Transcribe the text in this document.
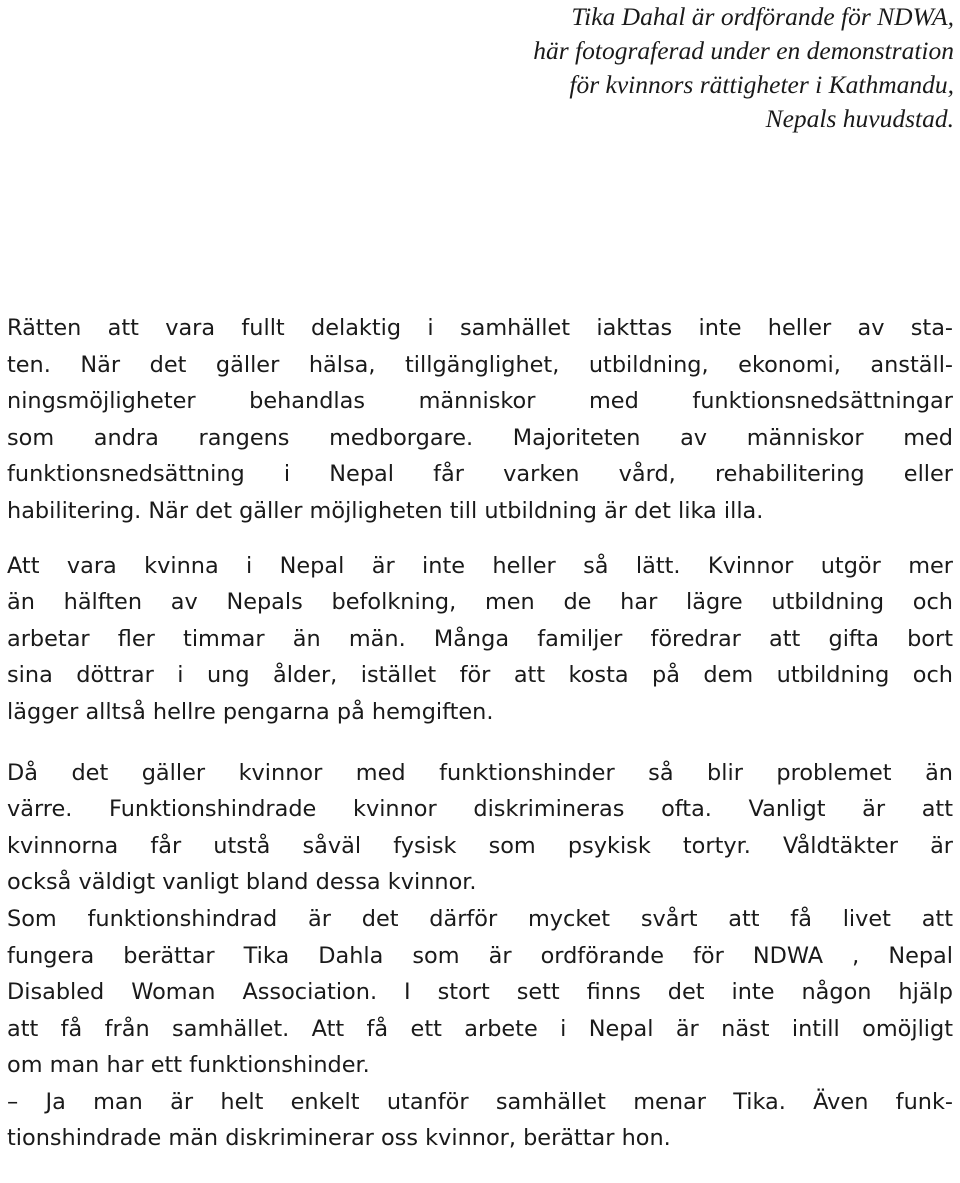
Tika Dahal är ordförande för NDWA,
här fotograferad under en demonstration
för kvinnors rättigheter i Kathmandu,
Nepals huvudstad.
Rätten att vara fullt delaktig i samhället iakttas inte heller av sta-
ten. När det gäller hälsa, tillgänglighet, utbildning, ekonomi, anställ-
ningsmöjligheter behandlas människor med funktionsnedsättningar
som andra rangens medborgare. Majoriteten av människor med
funktionsnedsättning i Nepal får varken vård, rehabilitering eller
habilitering. När det gäller möjligheten till utbildning är det lika illa.
Att vara kvinna i Nepal är inte heller så lätt. Kvinnor utgör mer
än hälften av Nepals befolkning, men de har lägre utbildning och
arbetar fler timmar än män. Många familjer föredrar att gifta bort
sina döttrar i ung ålder, istället för att kosta på dem utbildning och
lägger alltså hellre pengarna på hemgiften.
Då det gäller kvinnor med funktionshinder så blir problemet än
värre. Funktionshindrade kvinnor diskrimineras ofta. Vanligt är att
kvinnorna får utstå såväl fysisk som psykisk tortyr. Våldtäkter är
också väldigt vanligt bland dessa kvinnor.
Som funktionshindrad är det därför mycket svårt att få livet att
fungera berättar Tika Dahla som är ordförande för NDWA , Nepal
Disabled Woman Association. I stort sett finns det inte någon hjälp
att få från samhället. Att få ett arbete i Nepal är näst intill omöjligt
om man har ett funktionshinder.
– Ja man är helt enkelt utanför samhället menar Tika. Även funk-
tionshindrade män diskriminerar oss kvinnor, berättar hon.
